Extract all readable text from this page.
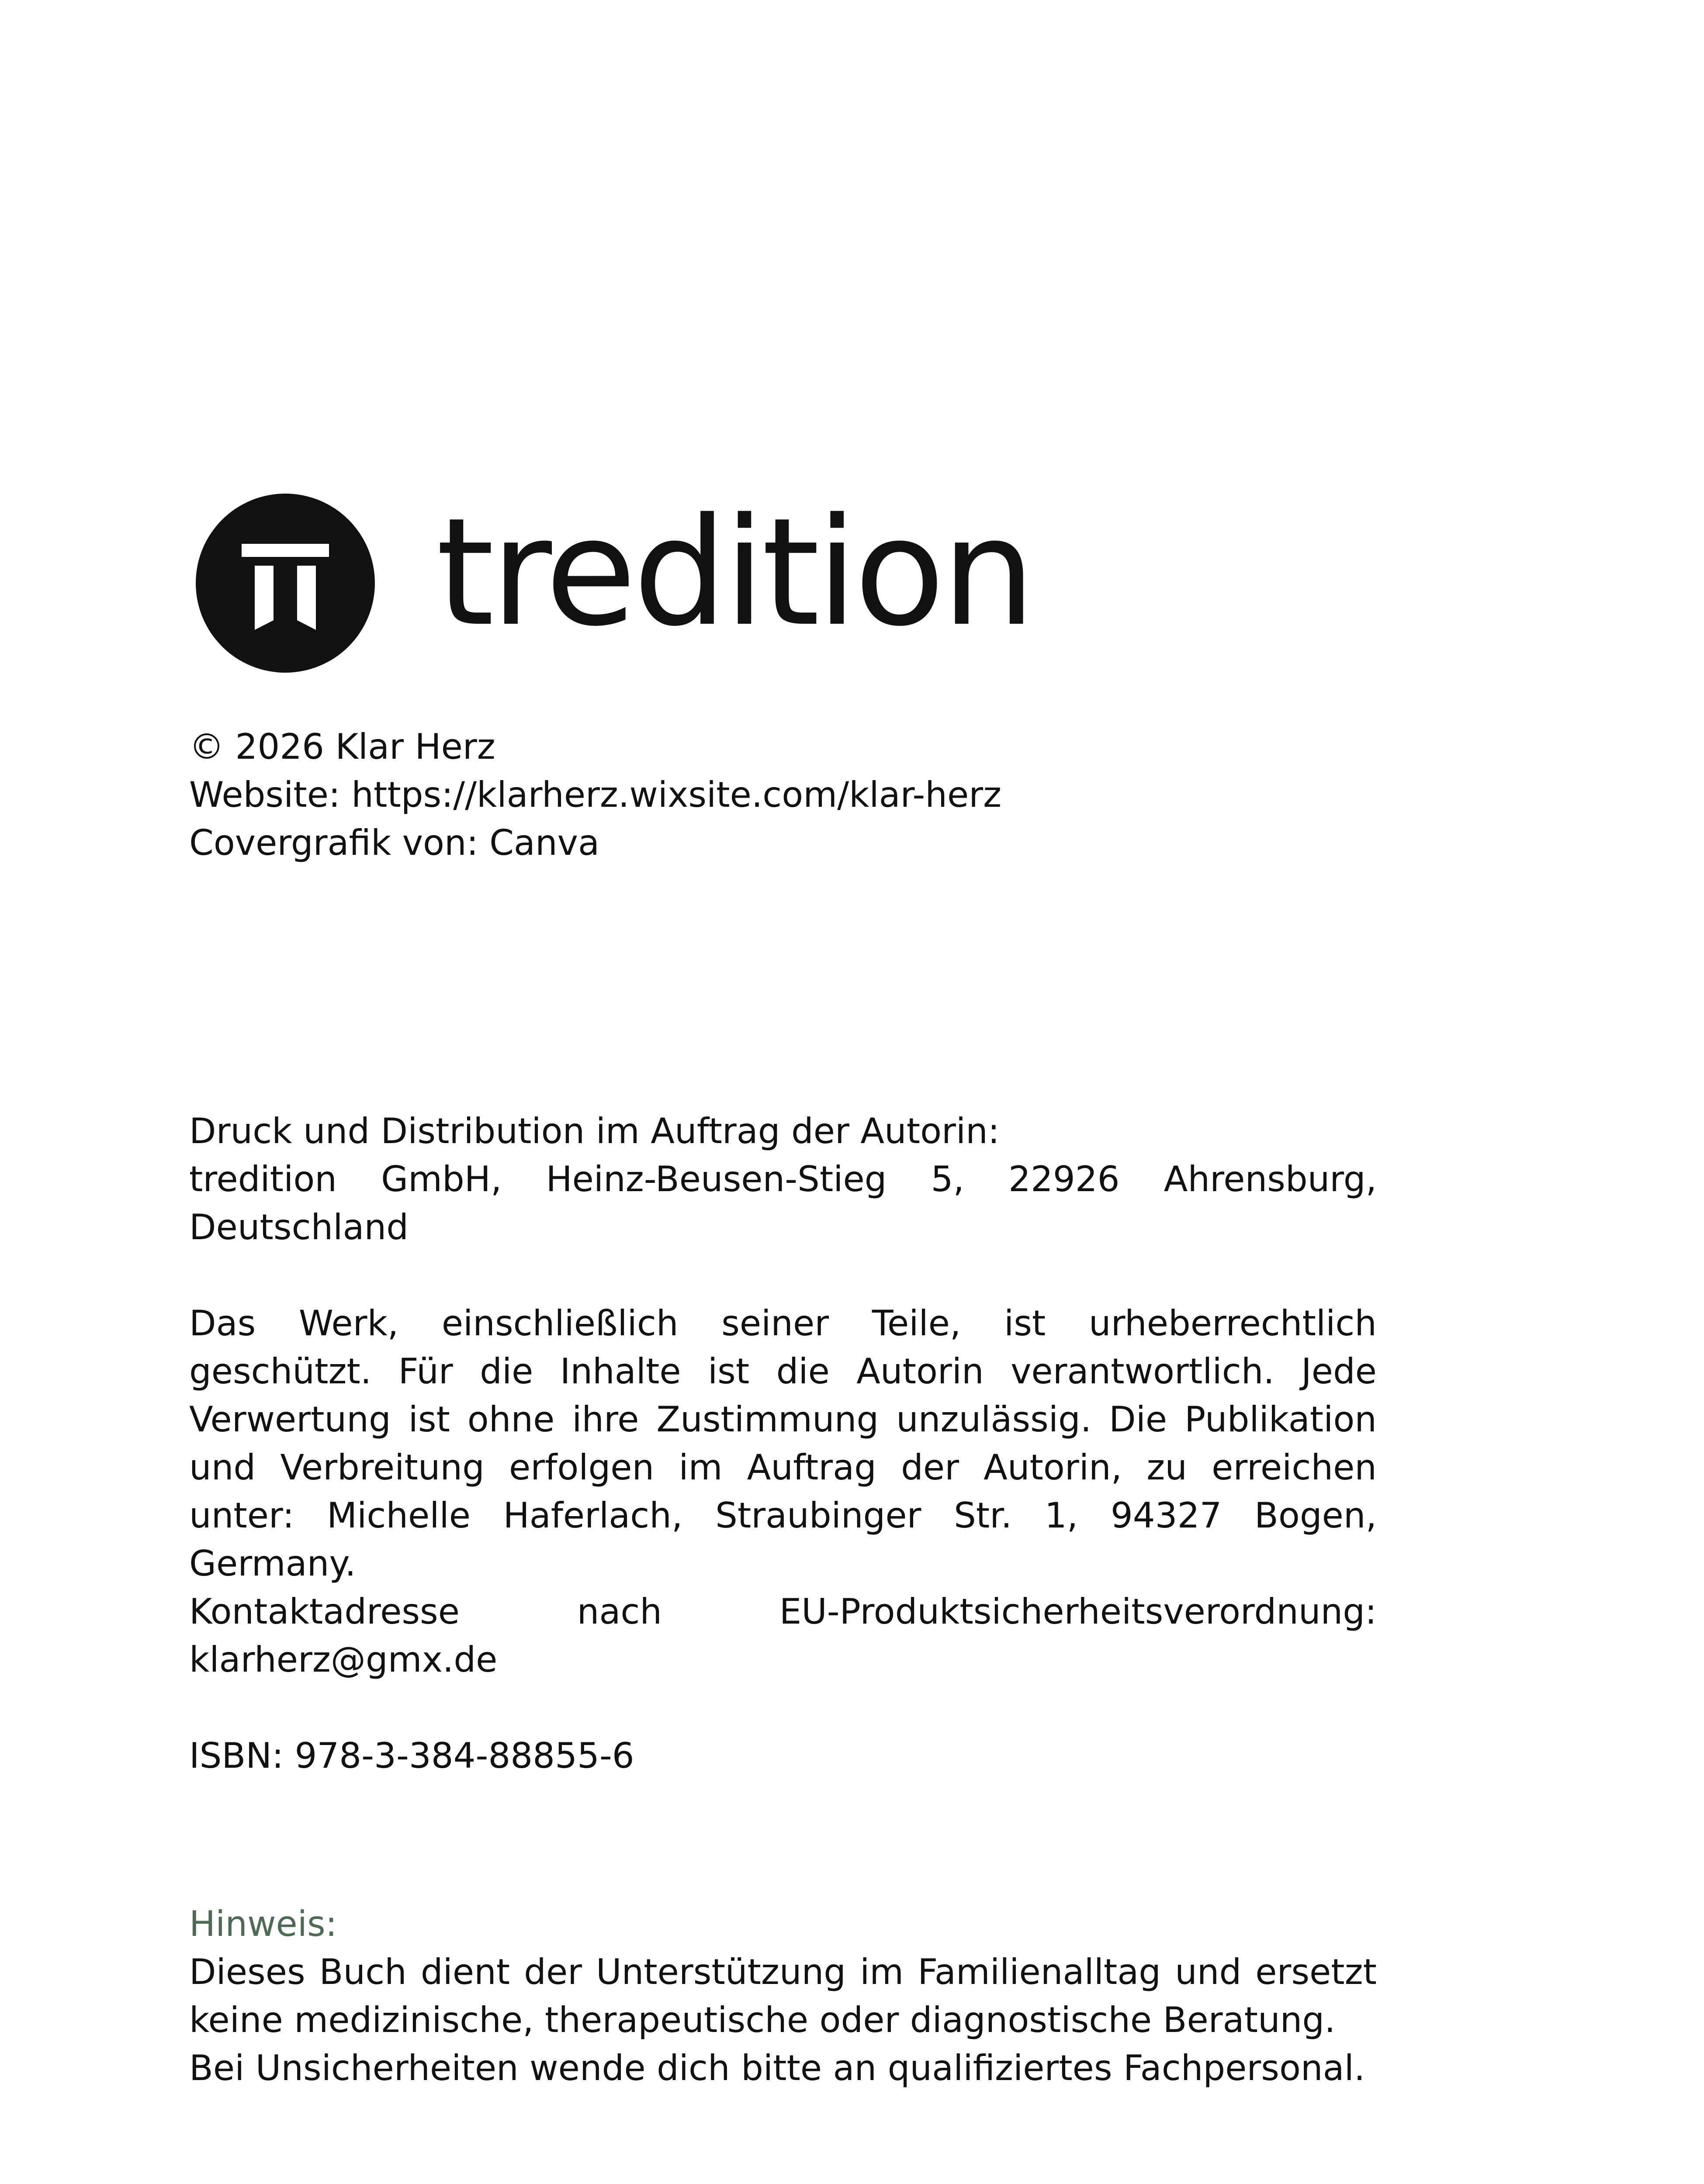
tredition
© 2026 Klar Herz
Website: https://klarherz.wixsite.com/klar-herz
Covergrafik von: Canva
Druck und Distribution im Auftrag der Autorin:
tredition GmbH, Heinz-Beusen-Stieg 5, 22926 Ahrensburg,
Deutschland
Das Werk, einschließlich seiner Teile, ist urheberrechtlich geschützt. Für die Inhalte ist die Autorin verantwortlich. Jede Verwertung ist ohne ihre Zustimmung unzulässig. Die Publikation und Verbreitung erfolgen im Auftrag der Autorin, zu erreichen unter: Michelle Haferlach, Straubinger Str. 1, 94327 Bogen, Germany.
Kontaktadresse nach EU-Produktsicherheitsverordnung:
klarherz@gmx.de
ISBN: 978-3-384-88855-6
Hinweis:
Dieses Buch dient der Unterstützung im Familienalltag und ersetzt keine medizinische, therapeutische oder diagnostische Beratung.
Bei Unsicherheiten wende dich bitte an qualifiziertes Fachpersonal.
